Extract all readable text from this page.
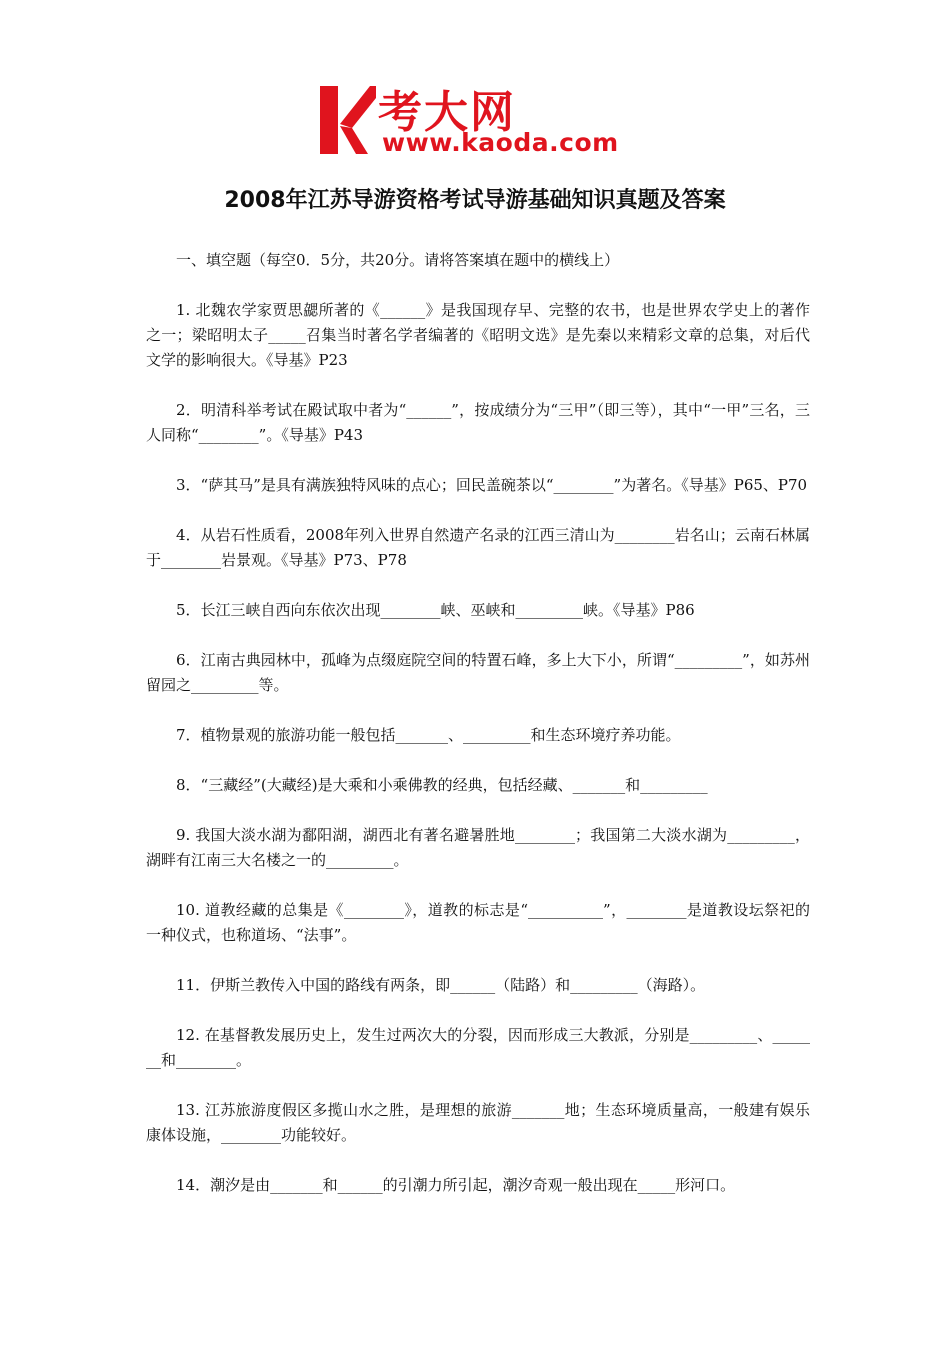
考大网
www.kaoda.com
2008年江苏导游资格考试导游基础知识真题及答案

一、填空题（每空0．5分，共20分。请将答案填在题中的横线上）

1. 北魏农学家贾思勰所著的《______》是我国现存早、完整的农书，也是世界农学史上的著作之一；梁昭明太子_____召集当时著名学者编著的《昭明文选》是先秦以来精彩文章的总集，对后代文学的影响很大。《导基》P23

2．明清科举考试在殿试取中者为“______”，按成绩分为“三甲”（即三等），其中“一甲”三名，三人同称“________”。《导基》P43

3．“萨其马”是具有满族独特风味的点心；回民盖碗茶以“________”为著名。《导基》P65、P70

4．从岩石性质看，2008年列入世界自然遗产名录的江西三清山为________岩名山；云南石林属于________岩景观。《导基》P73、P78

5．长江三峡自西向东依次出现________峡、巫峡和_________峡。《导基》P86

6．江南古典园林中，孤峰为点缀庭院空间的特置石峰，多上大下小，所谓“_________”，如苏州留园之_________等。

7．植物景观的旅游功能一般包括_______、_________和生态环境疗养功能。

8．“三藏经”(大藏经)是大乘和小乘佛教的经典，包括经藏、_______和_________

9. 我国大淡水湖为鄱阳湖，湖西北有著名避暑胜地________；我国第二大淡水湖为_________，湖畔有江南三大名楼之一的_________。

10. 道教经藏的总集是《________》，道教的标志是“__________”，________是道教设坛祭祀的一种仪式，也称道场、“法事”。

11．伊斯兰教传入中国的路线有两条，即______（陆路）和_________（海路）。

12. 在基督教发展历史上，发生过两次大的分裂，因而形成三大教派，分别是_________、_______和________。

13. 江苏旅游度假区多揽山水之胜，是理想的旅游_______地；生态环境质量高，一般建有娱乐康体设施，________功能较好。

14．潮汐是由_______和______的引潮力所引起，潮汐奇观一般出现在_____形河口。
